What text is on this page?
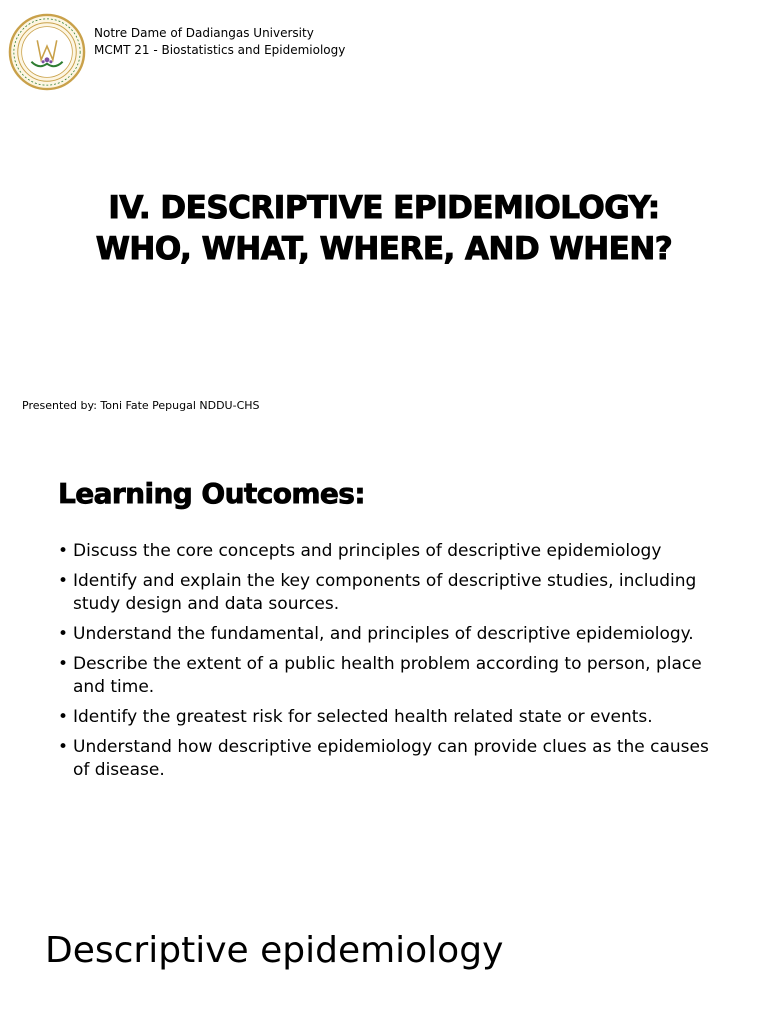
Notre Dame of Dadiangas University
MCMT 21 - Biostatistics and Epidemiology
IV. DESCRIPTIVE EPIDEMIOLOGY:
WHO, WHAT, WHERE, AND WHEN?
Presented by: Toni Fate Pepugal NDDU-CHS
Learning Outcomes:
• Discuss the core concepts and principles of descriptive epidemiology
• Identify and explain the key components of descriptive studies, including study design and data sources.
• Understand the fundamental, and principles of descriptive epidemiology.
• Describe the extent of a public health problem according to person, place and time.
• Identify the greatest risk for selected health related state or events.
• Understand how descriptive epidemiology can provide clues as the causes of disease.
Descriptive epidemiology
